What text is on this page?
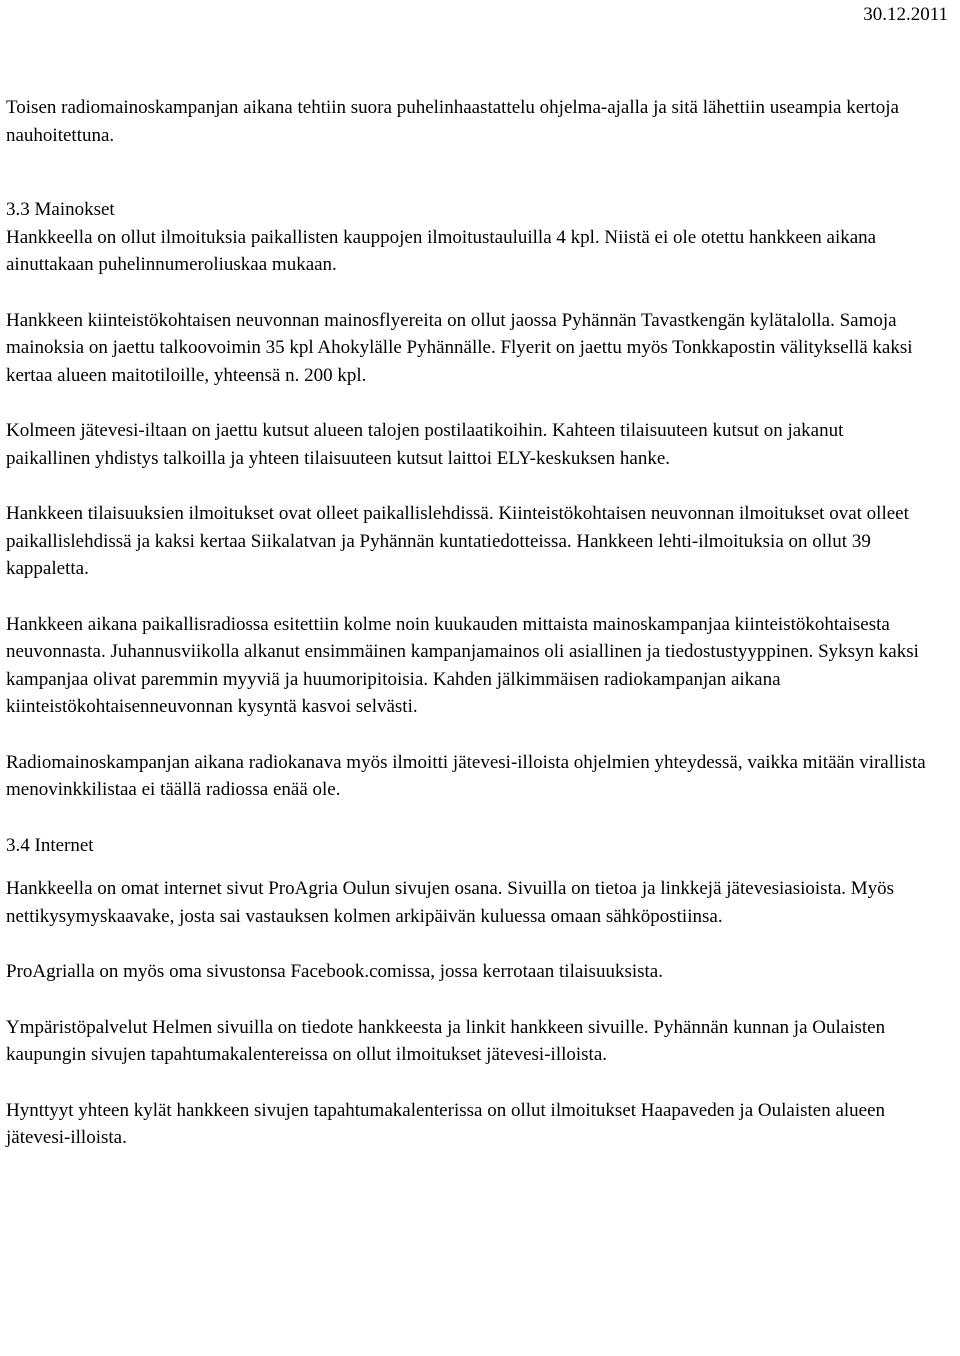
30.12.2011

Toisen radiomainoskampanjan aikana tehtiin suora puhelinhaastattelu ohjelma-ajalla ja sitä lähettiin useampia kertoja nauhoitettuna.

3.3 Mainokset

Hankkeella on ollut ilmoituksia paikallisten kauppojen ilmoitustauluilla 4 kpl. Niistä ei ole otettu hankkeen aikana ainuttakaan puhelinnumeroliuskaa mukaan.

Hankkeen kiinteistökohtaisen neuvonnan mainosflyereita on ollut jaossa Pyhännän Tavastkengän kylätalolla. Samoja mainoksia on jaettu talkoovoimin 35 kpl Ahokylälle Pyhännälle. Flyerit on jaettu myös Tonkkapostin välityksellä kaksi kertaa alueen maitotiloille, yhteensä n. 200 kpl.

Kolmeen jätevesi-iltaan on jaettu kutsut alueen talojen postilaatikoihin. Kahteen tilaisuuteen kutsut on jakanut paikallinen yhdistys talkoilla ja yhteen tilaisuuteen kutsut laittoi ELY-keskuksen hanke.

Hankkeen tilaisuuksien ilmoitukset ovat olleet paikallislehdissä. Kiinteistökohtaisen neuvonnan ilmoitukset ovat olleet paikallislehdissä ja kaksi kertaa Siikalatvan ja Pyhännän kuntatiedotteissa. Hankkeen lehti-ilmoituksia on ollut 39 kappaletta.

Hankkeen aikana paikallisradiossa esitettiin kolme noin kuukauden mittaista mainoskampanjaa kiinteistökohtaisesta neuvonnasta. Juhannusviikolla alkanut ensimmäinen kampanjamainos oli asiallinen ja tiedostustyyppinen. Syksyn kaksi kampanjaa olivat paremmin myyviä ja huumoripitoisia. Kahden jälkimmäisen radiokampanjan aikana kiinteistökohtaisenneuvonnan kysyntä kasvoi selvästi.

Radiomainoskampanjan aikana radiokanava myös ilmoitti jätevesi-illoista ohjelmien yhteydessä, vaikka mitään virallista menovinkkilistaa ei täällä radiossa enää ole.

3.4 Internet

Hankkeella on omat internet sivut ProAgria Oulun sivujen osana. Sivuilla on tietoa ja linkkejä jätevesiasioista. Myös nettikysymyskaavake, josta sai vastauksen kolmen arkipäivän kuluessa omaan sähköpostiinsa.

ProAgrialla on myös oma sivustonsa Facebook.comissa, jossa kerrotaan tilaisuuksista.

Ympäristöpalvelut Helmen sivuilla on tiedote hankkeesta ja linkit hankkeen sivuille. Pyhännän kunnan ja Oulaisten kaupungin sivujen tapahtumakalentereissa on ollut ilmoitukset jätevesi-illoista.

Hynttyyt yhteen kylät hankkeen sivujen tapahtumakalenterissa on ollut ilmoitukset Haapaveden ja Oulaisten alueen jätevesi-illoista.
